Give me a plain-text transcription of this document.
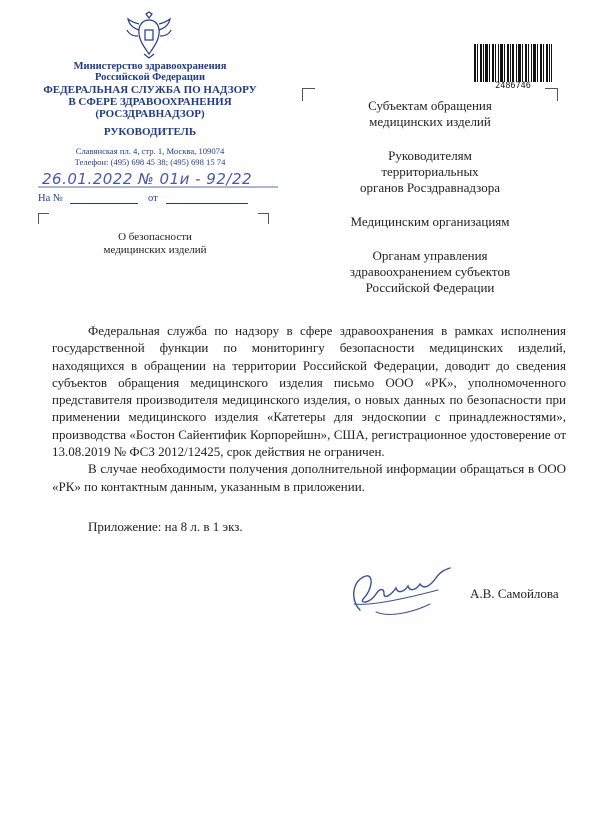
Министерство здравоохранения
Российской Федерации
ФЕДЕРАЛЬНАЯ СЛУЖБА ПО НАДЗОРУ
В СФЕРЕ ЗДРАВООХРАНЕНИЯ
(РОСЗДРАВНАДЗОР)
РУКОВОДИТЕЛЬ
Славянская пл. 4, стр. 1, Москва, 109074
Телефон: (495) 698 45 38; (495) 698 15 74
26.01.2022 № 01и - 92/22
На №	от
О безопасности
медицинских изделий
2486746
Субъектам обращения
медицинских изделий
Руководителям
территориальных
органов Росздравнадзора
Медицинским организациям
Органам управления
здравоохранением субъектов
Российской Федерации

Федеральная служба по надзору в сфере здравоохранения в рамках исполнения государственной функции по мониторингу безопасности медицинских изделий, находящихся в обращении на территории Российской Федерации, доводит до сведения субъектов обращения медицинского изделия письмо ООО «РК», уполномоченного представителя производителя медицинского изделия, о новых данных по безопасности при применении медицинского изделия «Катетеры для эндоскопии с принадлежностями», производства «Бостон Сайентифик Корпорейшн», США, регистрационное удостоверение от 13.08.2019 № ФСЗ 2012/12425, срок действия не ограничен.

В случае необходимости получения дополнительной информации обращаться в ООО «РК» по контактным данным, указанным в приложении.

Приложение: на 8 л. в 1 экз.
А.В. Самойлова
